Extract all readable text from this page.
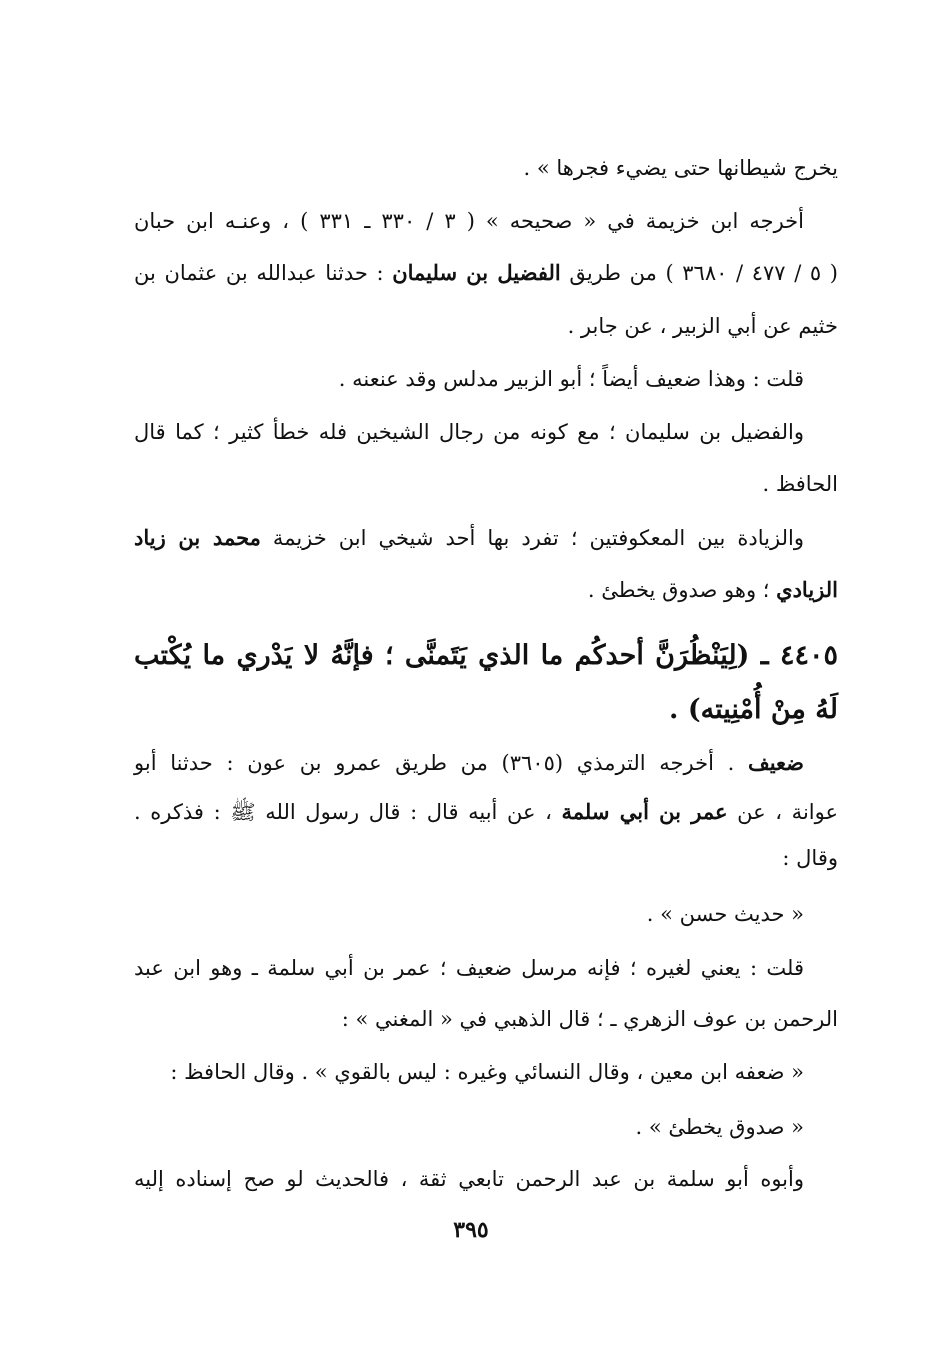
يخرج شيطانها حتى يضيء فجرها » .
أخرجه ابن خزيمة في « صحيحه » ( ٣ / ٣٣٠ ـ ٣٣١ ) ، وعنـه ابن حبان
( ٥ / ٤٧٧ / ٣٦٨٠ ) من طريق الفضيل بن سليمان : حدثنا عبدالله بن عثمان بن
خثيم عن أبي الزبير ، عن جابر .
قلت : وهذا ضعيف أيضاً ؛ أبو الزبير مدلس وقد عنعنه .
والفضيل بن سليمان ؛ مع كونه من رجال الشيخين فله خطأ كثير ؛ كما قال
الحافظ .
والزيادة بين المعكوفتين ؛ تفرد بها أحد شيخي ابن خزيمة محمد بن زياد
الزيادي ؛ وهو صدوق يخطئ .
٤٤٠٥ ـ (لِيَنْظُرَنَّ أحدكُم ما الذي يَتَمنَّى ؛ فإنَّهُ لا يَدْري ما يُكْتب
لَهُ مِنْ أُمْنِيته) .
ضعيف . أخرجه الترمذي (٣٦٠٥) من طريق عمرو بن عون : حدثنا أبو
عوانة ، عن عمر بن أبي سلمة ، عن أبيه قال : قال رسول الله ﷺ : فذكره .
وقال :
« حديث حسن » .
قلت : يعني لغيره ؛ فإنه مرسل ضعيف ؛ عمر بن أبي سلمة ـ وهو ابن عبد
الرحمن بن عوف الزهري ـ ؛ قال الذهبي في « المغني » :
« ضعفه ابن معين ، وقال النسائي وغيره : ليس بالقوي » . وقال الحافظ :
« صدوق يخطئ » .
وأبوه أبو سلمة بن عبد الرحمن تابعي ثقة ، فالحديث لو صح إسناده إليه
٣٩٥
